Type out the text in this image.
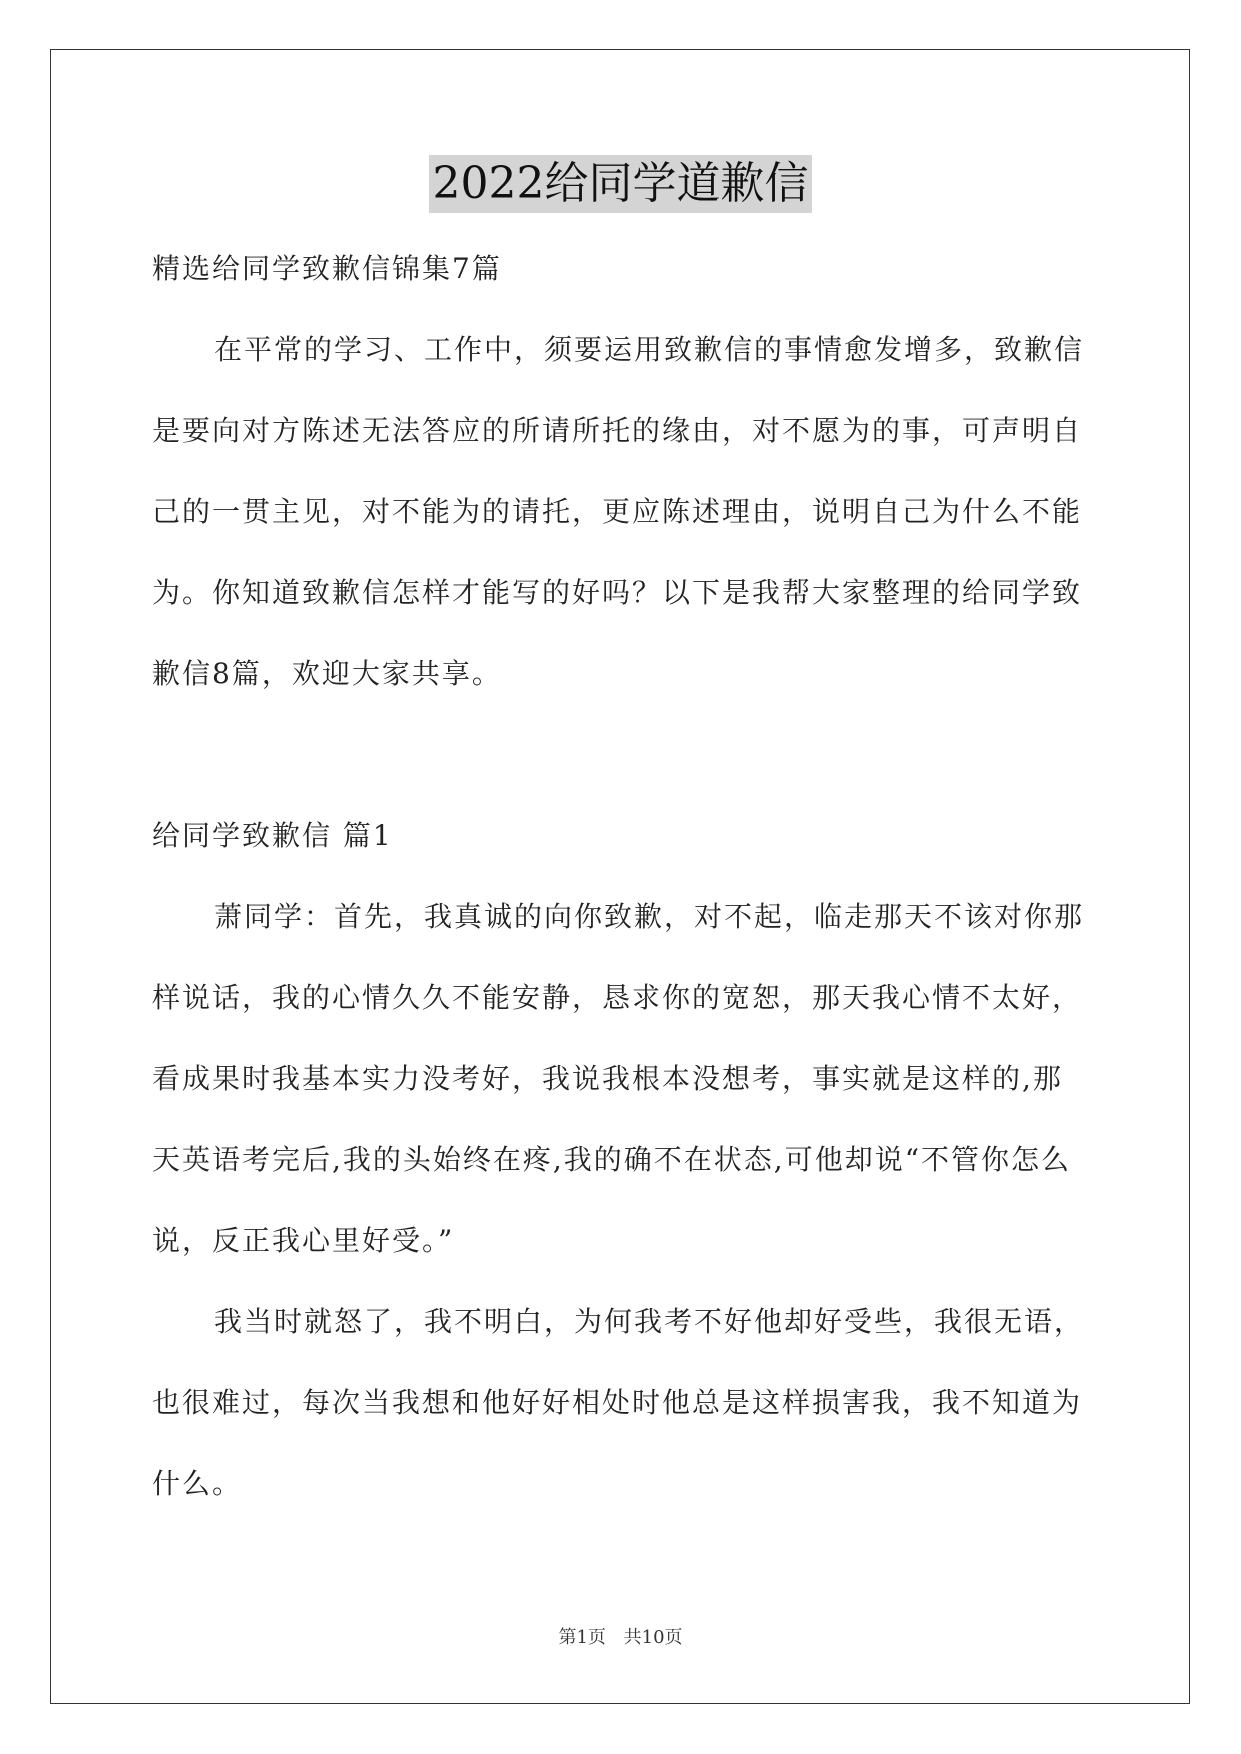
2022给同学道歉信

精选给同学致歉信锦集7篇

在平常的学习、工作中，须要运用致歉信的事情愈发增多，致歉信是要向对方陈述无法答应的所请所托的缘由，对不愿为的事，可声明自己的一贯主见，对不能为的请托，更应陈述理由，说明自己为什么不能为。你知道致歉信怎样才能写的好吗？以下是我帮大家整理的给同学致歉信8篇，欢迎大家共享。

给同学致歉信 篇1

萧同学：首先，我真诚的向你致歉，对不起，临走那天不该对你那样说话，我的心情久久不能安静，恳求你的宽恕，那天我心情不太好，看成果时我基本实力没考好，我说我根本没想考，事实就是这样的,那天英语考完后,我的头始终在疼,我的确不在状态,可他却说“不管你怎么说，反正我心里好受。”

我当时就怒了，我不明白，为何我考不好他却好受些，我很无语，也很难过，每次当我想和他好好相处时他总是这样损害我，我不知道为什么。

第1页 共10页
